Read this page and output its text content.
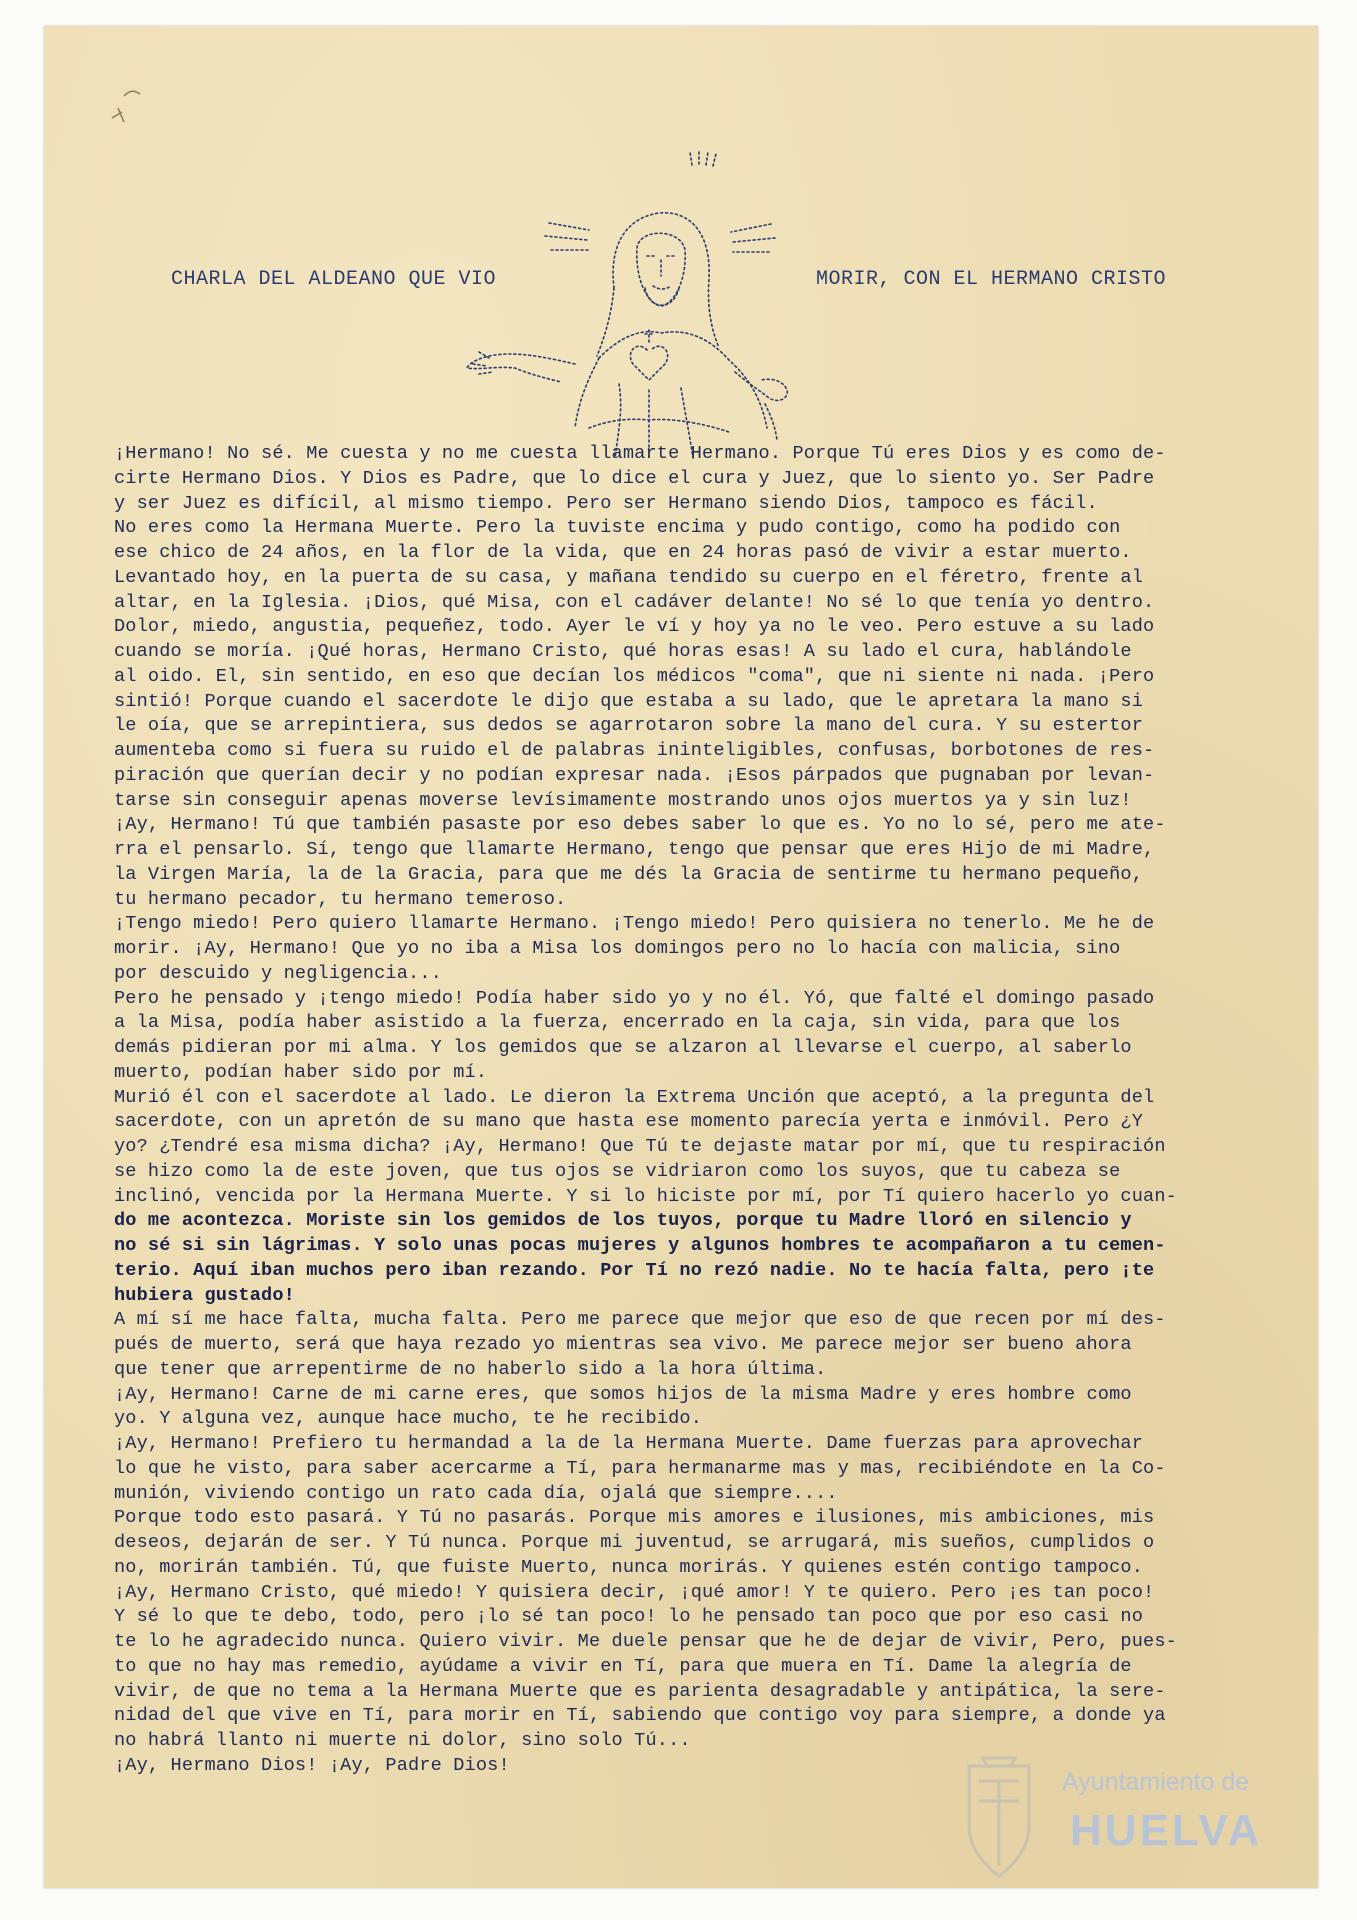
CHARLA DEL ALDEANO QUE VIO	MORIR, CON EL HERMANO CRISTO

¡Hermano! No sé. Me cuesta y no me cuesta llamarte Hermano. Porque Tú eres Dios y es como de-

cirte Hermano Dios. Y Dios es Padre, que lo dice el cura y Juez, que lo siento yo. Ser Padre

y ser Juez es difícil, al mismo tiempo. Pero ser Hermano siendo Dios, tampoco es fácil.

No eres como la Hermana Muerte. Pero la tuviste encima y pudo contigo, como ha podido con

ese chico de 24 años, en la flor de la vida, que en 24 horas pasó de vivir a estar muerto.

Levantado hoy, en la puerta de su casa, y mañana tendido su cuerpo en el féretro, frente al

altar, en la Iglesia. ¡Dios, qué Misa, con el cadáver delante! No sé lo que tenía yo dentro.

Dolor, miedo, angustia, pequeñez, todo. Ayer le ví y hoy ya no le veo. Pero estuve a su lado

cuando se moría. ¡Qué horas, Hermano Cristo, qué horas esas! A su lado el cura, hablándole

al oido. El, sin sentido, en eso que decían los médicos "coma", que ni siente ni nada. ¡Pero

sintió! Porque cuando el sacerdote le dijo que estaba a su lado, que le apretara la mano si

le oía, que se arrepintiera, sus dedos se agarrotaron sobre la mano del cura. Y su estertor

aumenteba como si fuera su ruido el de palabras ininteligibles, confusas, borbotones de res-

piración que querían decir y no podían expresar nada. ¡Esos párpados que pugnaban por levan-

tarse sin conseguir apenas moverse levísimamente mostrando unos ojos muertos ya y sin luz!

¡Ay, Hermano! Tú que también pasaste por eso debes saber lo que es. Yo no lo sé, pero me ate-

rra el pensarlo. Sí, tengo que llamarte Hermano, tengo que pensar que eres Hijo de mi Madre,

la Virgen María, la de la Gracia, para que me dés la Gracia de sentirme tu hermano pequeño,

tu hermano pecador, tu hermano temeroso.

¡Tengo miedo! Pero quiero llamarte Hermano. ¡Tengo miedo! Pero quisiera no tenerlo. Me he de

morir. ¡Ay, Hermano! Que yo no iba a Misa los domingos pero no lo hacía con malicia, sino

por descuido y negligencia...

Pero he pensado y ¡tengo miedo! Podía haber sido yo y no él. Yó, que falté el domingo pasado

a la Misa, podía haber asistido a la fuerza, encerrado en la caja, sin vida, para que los

demás pidieran por mi alma. Y los gemidos que se alzaron al llevarse el cuerpo, al saberlo

muerto, podían haber sido por mí.

Murió él con el sacerdote al lado. Le dieron la Extrema Unción que aceptó, a la pregunta del

sacerdote, con un apretón de su mano que hasta ese momento parecía yerta e inmóvil. Pero ¿Y

yo? ¿Tendré esa misma dicha? ¡Ay, Hermano! Que Tú te dejaste matar por mí, que tu respiración

se hizo como la de este joven, que tus ojos se vidriaron como los suyos, que tu cabeza se

inclinó, vencida por la Hermana Muerte. Y si lo hiciste por mí, por Tí quiero hacerlo yo cuan-

do me acontezca. Moriste sin los gemidos de los tuyos, porque tu Madre lloró en silencio y

no sé si sin lágrimas. Y solo unas pocas mujeres y algunos hombres te acompañaron a tu cemen-

terio. Aquí iban muchos pero iban rezando. Por Tí no rezó nadie. No te hacía falta, pero ¡te

hubiera gustado!

A mí sí me hace falta, mucha falta. Pero me parece que mejor que eso de que recen por mí des-

pués de muerto, será que haya rezado yo mientras sea vivo. Me parece mejor ser bueno ahora

que tener que arrepentirme de no haberlo sido a la hora última.

¡Ay, Hermano! Carne de mi carne eres, que somos hijos de la misma Madre y eres hombre como

yo. Y alguna vez, aunque hace mucho, te he recibido.

¡Ay, Hermano! Prefiero tu hermandad a la de la Hermana Muerte. Dame fuerzas para aprovechar

lo que he visto, para saber acercarme a Tí, para hermanarme mas y mas, recibiéndote en la Co-

munión, viviendo contigo un rato cada día, ojalá que siempre....

Porque todo esto pasará. Y Tú no pasarás. Porque mis amores e ilusiones, mis ambiciones, mis

deseos, dejarán de ser. Y Tú nunca. Porque mi juventud, se arrugará, mis sueños, cumplidos o

no, morirán también. Tú, que fuiste Muerto, nunca morirás. Y quienes estén contigo tampoco.

¡Ay, Hermano Cristo, qué miedo! Y quisiera decir, ¡qué amor! Y te quiero. Pero ¡es tan poco!

Y sé lo que te debo, todo, pero ¡lo sé tan poco! lo he pensado tan poco que por eso casi no

te lo he agradecido nunca. Quiero vivir. Me duele pensar que he de dejar de vivir, Pero, pues-

to que no hay mas remedio, ayúdame a vivir en Tí, para que muera en Tí. Dame la alegría de

vivir, de que no tema a la Hermana Muerte que es parienta desagradable y antipática, la sere-

nidad del que vive en Tí, para morir en Tí, sabiendo que contigo voy para siempre, a donde ya

no habrá llanto ni muerte ni dolor, sino solo Tú...

¡Ay, Hermano Dios! ¡Ay, Padre Dios!

Ayuntamiento de
HUELVA
